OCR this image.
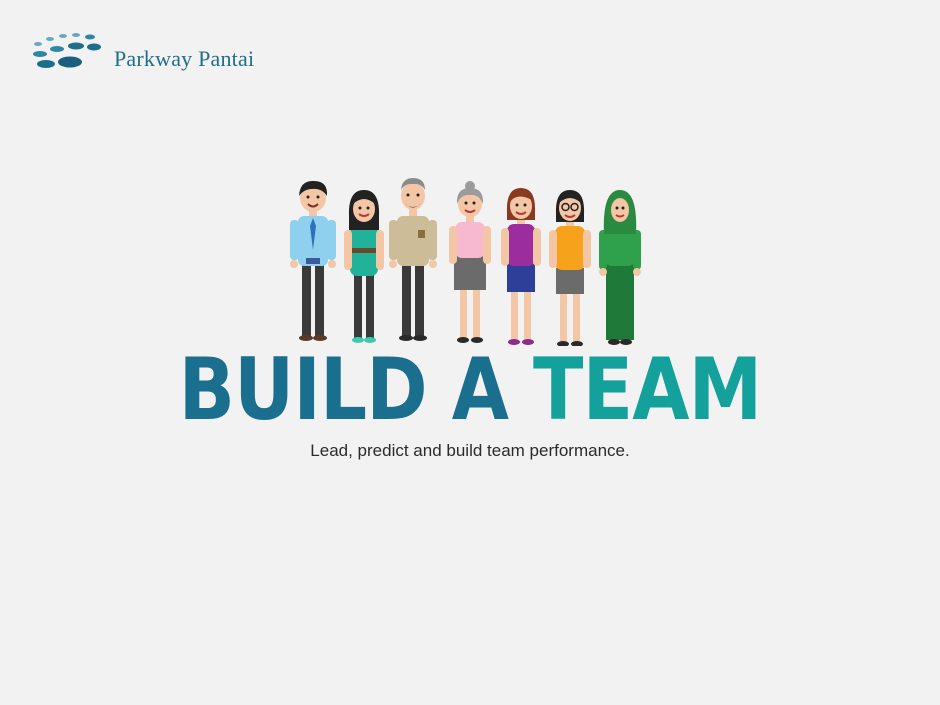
Parkway Pantai
BUILD A TEAM
Lead, predict and build team performance.
